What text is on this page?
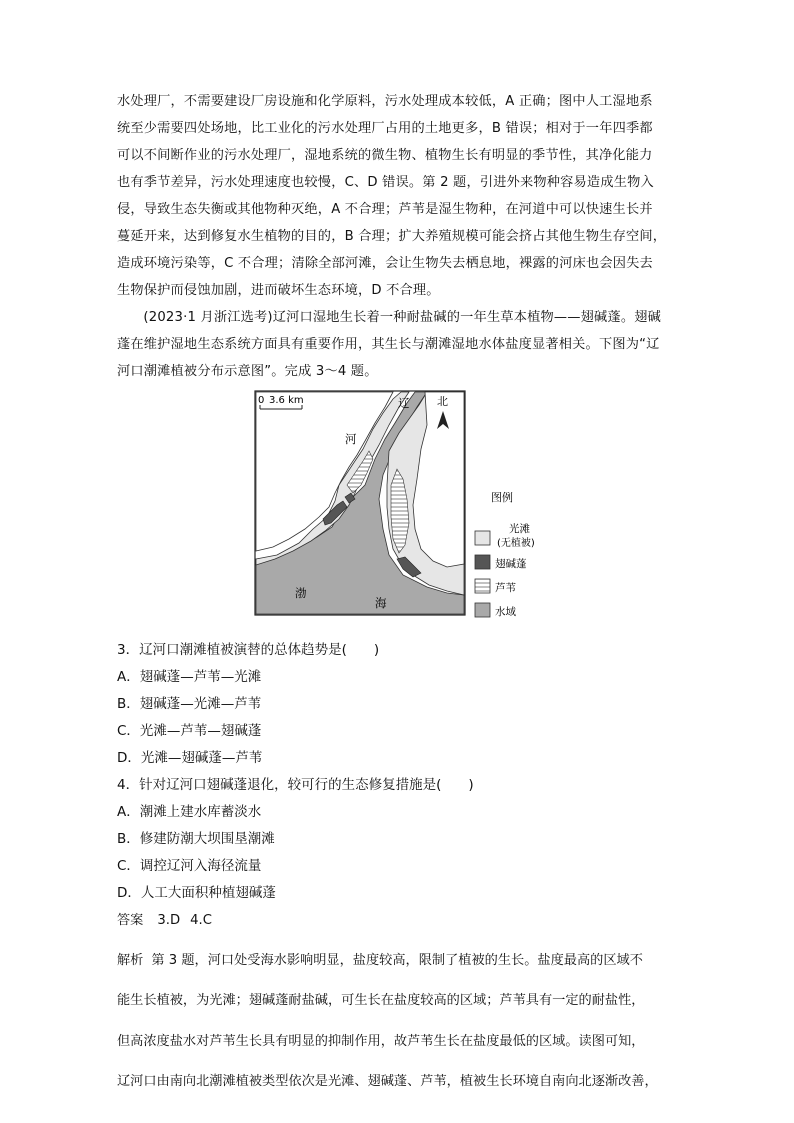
水处理厂，不需要建设厂房设施和化学原料，污水处理成本较低，A 正确；图中人工湿地系

统至少需要四处场地，比工业化的污水处理厂占用的土地更多，B 错误；相对于一年四季都

可以不间断作业的污水处理厂，湿地系统的微生物、植物生长有明显的季节性，其净化能力

也有季节差异，污水处理速度也较慢，C、D 错误。第 2 题，引进外来物种容易造成生物入

侵，导致生态失衡或其他物种灭绝，A 不合理；芦苇是湿生物种，在河道中可以快速生长并

蔓延开来，达到修复水生植物的目的，B 合理；扩大养殖规模可能会挤占其他生物生存空间，

造成环境污染等，C 不合理；清除全部河滩，会让生物失去栖息地，裸露的河床也会因失去

生物保护而侵蚀加剧，进而破坏生态环境，D 不合理。

(2023·1 月浙江选考)辽河口湿地生长着一种耐盐碱的一年生草本植物——翅碱蓬。翅碱

蓬在维护湿地生态系统方面具有重要作用，其生长与潮滩湿地水体盐度显著相关。下图为“辽

河口潮滩植被分布示意图”。完成 3～4 题。

0 3.6 km	北
辽
河
渤
海
图例
光滩
(无植被)
翅碱蓬
芦苇
水域

3．辽河口潮滩植被演替的总体趋势是(　　)

A．翅碱蓬—芦苇—光滩

B．翅碱蓬—光滩—芦苇

C．光滩—芦苇—翅碱蓬

D．光滩—翅碱蓬—芦苇

4．针对辽河口翅碱蓬退化，较可行的生态修复措施是(　　)

A．潮滩上建水库蓄淡水

B．修建防潮大坝围垦潮滩

C．调控辽河入海径流量

D．人工大面积种植翅碱蓬

答案 3.D 4.C

解析 第 3 题，河口处受海水影响明显，盐度较高，限制了植被的生长。盐度最高的区域不

能生长植被，为光滩；翅碱蓬耐盐碱，可生长在盐度较高的区域；芦苇具有一定的耐盐性，

但高浓度盐水对芦苇生长具有明显的抑制作用，故芦苇生长在盐度最低的区域。读图可知，

辽河口由南向北潮滩植被类型依次是光滩、翅碱蓬、芦苇，植被生长环境自南向北逐渐改善，
